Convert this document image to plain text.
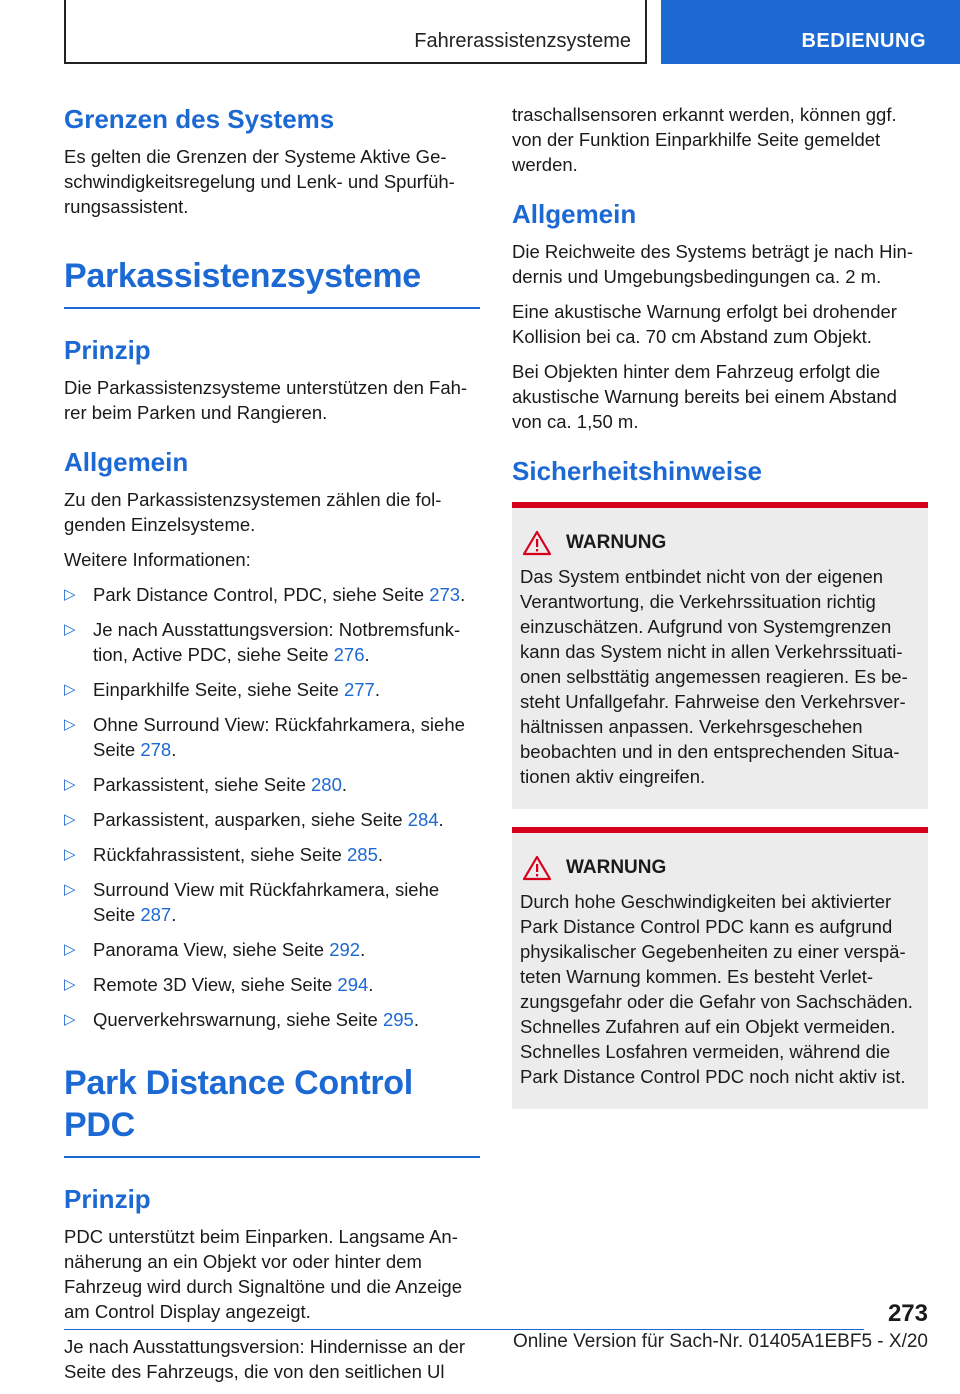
Fahrerassistenzsysteme	BEDIENUNG
Grenzen des Systems

Es gelten die Grenzen der Systeme Aktive Geschwindigkeitsregelung und Lenk- und Spurführungsassistent.

Parkassistenzsysteme
Prinzip

Die Parkassistenzsysteme unterstützen den Fahrer beim Parken und Rangieren.

Allgemein

Zu den Parkassistenzsystemen zählen die folgenden Einzelsysteme.

Weitere Informationen:

▷ Park Distance Control, PDC, siehe Seite 273.
▷ Je nach Ausstattungsversion: Notbremsfunktion, Active PDC, siehe Seite 276.
▷ Einparkhilfe Seite, siehe Seite 277.
▷ Ohne Surround View: Rückfahrkamera, siehe Seite 278.
▷ Parkassistent, siehe Seite 280.
▷ Parkassistent, ausparken, siehe Seite 284.
▷ Rückfahrassistent, siehe Seite 285.
▷ Surround View mit Rückfahrkamera, siehe Seite 287.
▷ Panorama View, siehe Seite 292.
▷ Remote 3D View, siehe Seite 294.
▷ Querverkehrswarnung, siehe Seite 295.
Park Distance Control PDC
Prinzip

PDC unterstützt beim Einparken. Langsame Annäherung an ein Objekt vor oder hinter dem Fahrzeug wird durch Signaltöne und die Anzeige am Control Display angezeigt.

Je nach Ausstattungsversion: Hindernisse an der Seite des Fahrzeugs, die von den seitlichen Ul

traschallsensoren erkannt werden, können ggf. von der Funktion Einparkhilfe Seite gemeldet werden.

Allgemein

Die Reichweite des Systems beträgt je nach Hindernis und Umgebungsbedingungen ca. 2 m.

Eine akustische Warnung erfolgt bei drohender Kollision bei ca. 70 cm Abstand zum Objekt.

Bei Objekten hinter dem Fahrzeug erfolgt die akustische Warnung bereits bei einem Abstand von ca. 1,50 m.

Sicherheitshinweise
WARNUNG

Das System entbindet nicht von der eigenen Verantwortung, die Verkehrssituation richtig einzuschätzen. Aufgrund von Systemgrenzen kann das System nicht in allen Verkehrssituationen selbsttätig angemessen reagieren. Es besteht Unfallgefahr. Fahrweise den Verkehrsverhältnissen anpassen. Verkehrsgeschehen beobachten und in den entsprechenden Situationen aktiv eingreifen.

WARNUNG

Durch hohe Geschwindigkeiten bei aktivierter Park Distance Control PDC kann es aufgrund physikalischer Gegebenheiten zu einer verspäteten Warnung kommen. Es besteht Verletzungsgefahr oder die Gefahr von Sachschäden. Schnelles Zufahren auf ein Objekt vermeiden. Schnelles Losfahren vermeiden, während die Park Distance Control PDC noch nicht aktiv ist.

273
Online Version für Sach-Nr. 01405A1EBF5 - X/20
